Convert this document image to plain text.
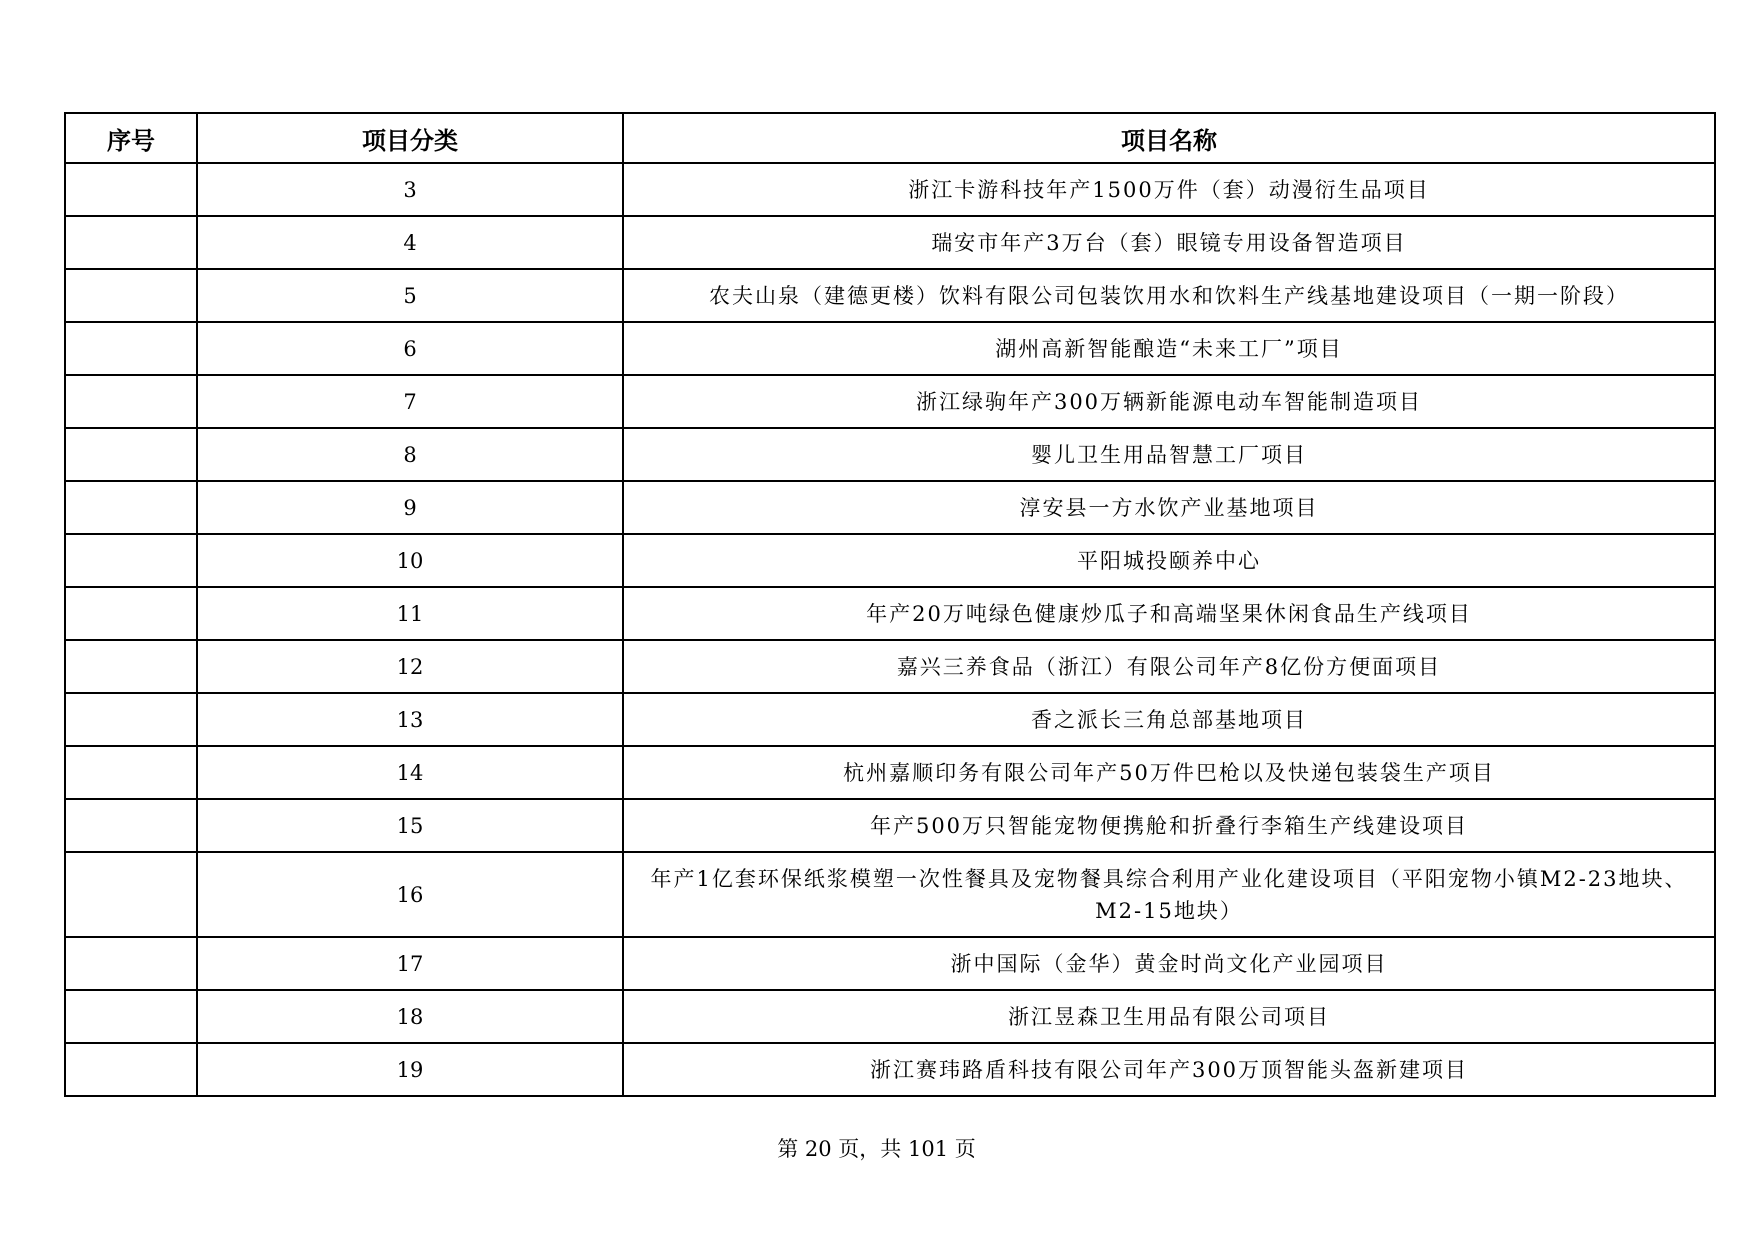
序号	项目分类	项目名称
	3	浙江卡游科技年产1500万件（套）动漫衍生品项目
	4	瑞安市年产3万台（套）眼镜专用设备智造项目
	5	农夫山泉（建德更楼）饮料有限公司包装饮用水和饮料生产线基地建设项目（一期一阶段）
	6	湖州高新智能酿造“未来工厂”项目
	7	浙江绿驹年产300万辆新能源电动车智能制造项目
	8	婴儿卫生用品智慧工厂项目
	9	淳安县一方水饮产业基地项目
	10	平阳城投颐养中心
	11	年产20万吨绿色健康炒瓜子和高端坚果休闲食品生产线项目
	12	嘉兴三养食品（浙江）有限公司年产8亿份方便面项目
	13	香之派长三角总部基地项目
	14	杭州嘉顺印务有限公司年产50万件巴枪以及快递包装袋生产项目
	15	年产500万只智能宠物便携舱和折叠行李箱生产线建设项目
	16	年产1亿套环保纸浆模塑一次性餐具及宠物餐具综合利用产业化建设项目（平阳宠物小镇M2-23地块、M2-15地块）
	17	浙中国际（金华）黄金时尚文化产业园项目
	18	浙江昱森卫生用品有限公司项目
	19	浙江赛玮路盾科技有限公司年产300万顶智能头盔新建项目
第 20 页，共 101 页
